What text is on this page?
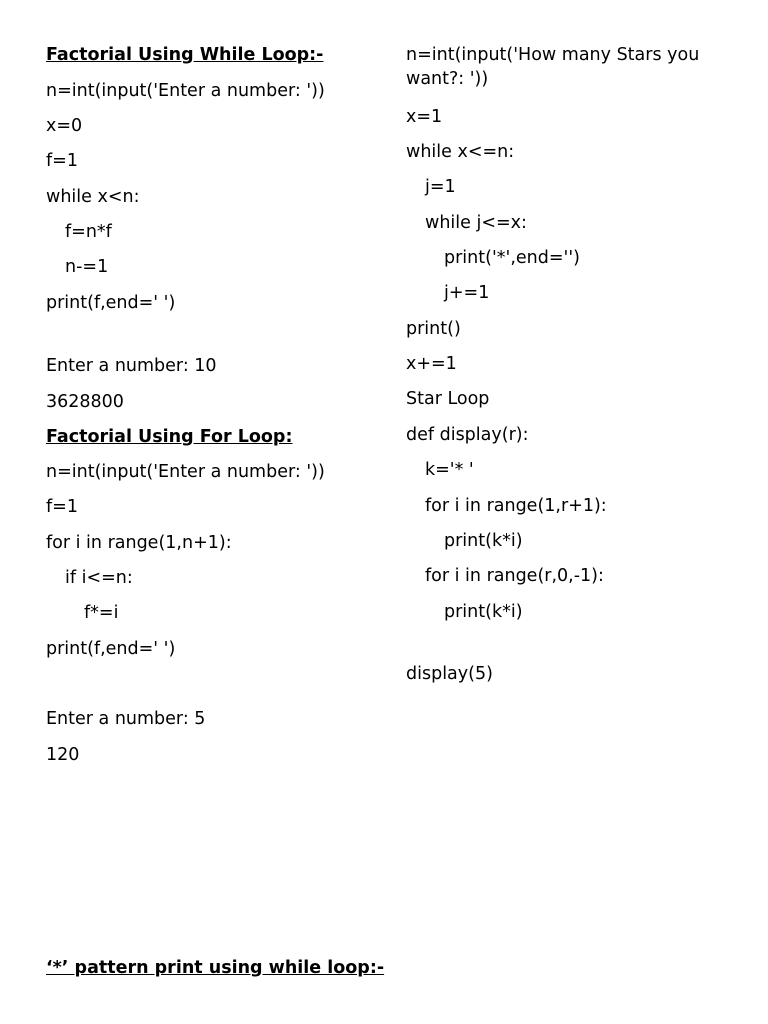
Factorial Using While Loop:-
n=int(input('Enter a number: '))
x=0
f=1
while x<n:
f=n*f
n-=1
print(f,end=' ')
Enter a number: 10
3628800
Factorial Using For Loop:
n=int(input('Enter a number: '))
f=1
for i in range(1,n+1):
if i<=n:
f*=i
print(f,end=' ')
Enter a number: 5
120
‘*’ pattern print using while loop:-
n=int(input('How many Stars you want?: '))
x=1
while x<=n:
j=1
while j<=x:
print('*',end='')
j+=1
print()
x+=1
Star Loop
def display(r):
k='* '
for i in range(1,r+1):
print(k*i)
for i in range(r,0,-1):
print(k*i)
display(5)
